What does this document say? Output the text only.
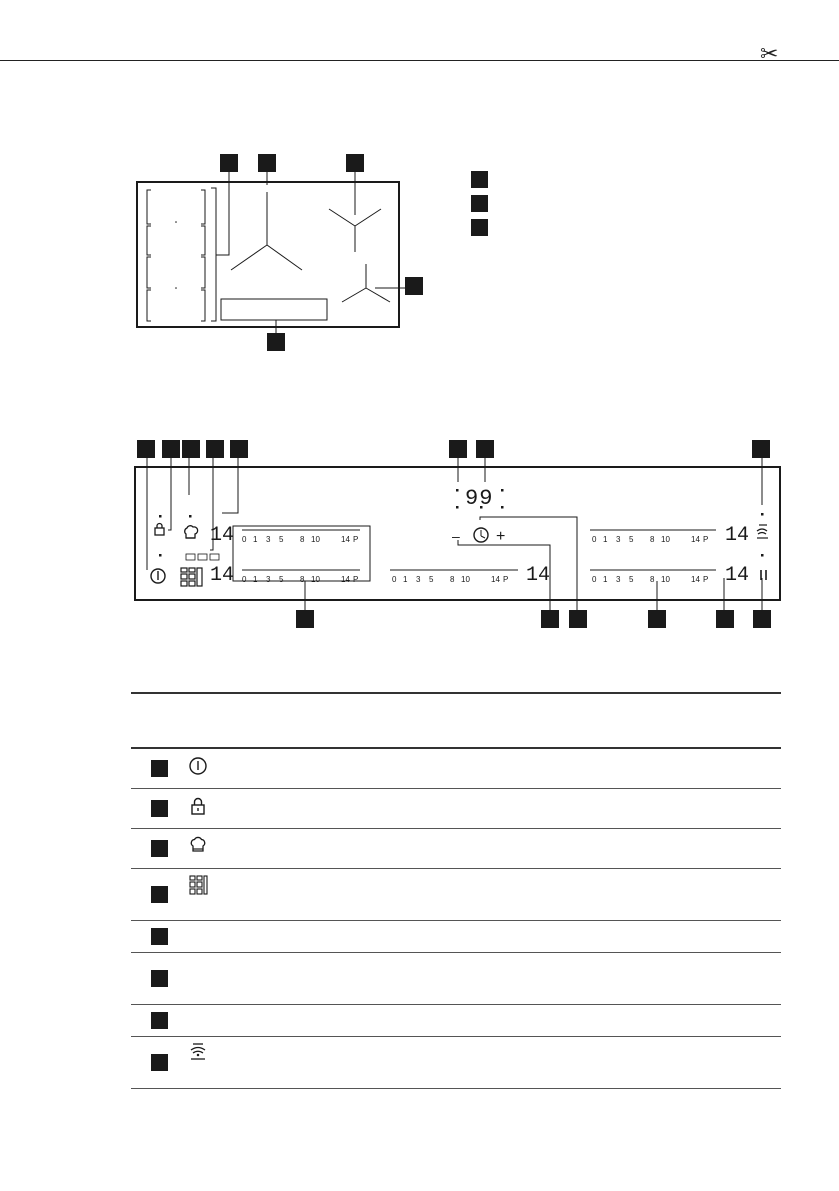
✂
99
– +
14
14	14
14
14
0 1 3 5 8 10	14 P
0 1 3 5 8 10	14 P	0 1 3 5 8 10	14 P
0 1 3 5 8 10	14 P
0 1 3 5 8 10	14 P
